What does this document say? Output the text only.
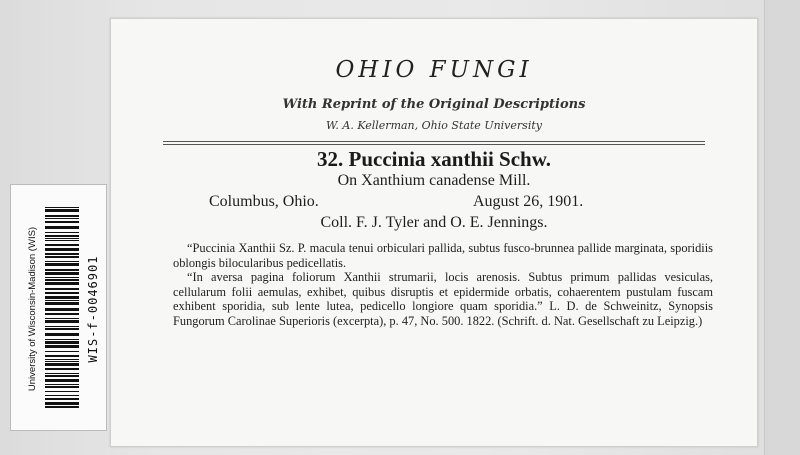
University of Wisconsin-Madison (WIS)	WIS-f-0046901
OHIO FUNGI
With Reprint of the Original Descriptions
W. A. Kellerman, Ohio State University
32. Puccinia xanthii Schw.
On Xanthium canadense Mill.
Columbus, Ohio.	August 26, 1901.
Coll. F. J. Tyler and O. E. Jennings.

“Puccinia Xanthii Sz. P. macula tenui orbiculari pallida, subtus fusco-brunnea pallide marginata, sporidiis oblongis bilocularibus pedicellatis.

“In aversa pagina foliorum Xanthii strumarii, locis arenosis. Subtus primum pallidas vesiculas, cellularum folii aemulas, exhibet, quibus disruptis et epidermide orbatis, cohaerentem pustulam fuscam exhibent sporidia, sub lente lutea, pedicello longiore quam sporidia.” L. D. de Schweinitz, Synopsis Fungorum Carolinae Superioris (excerpta), p. 47, No. 500. 1822. (Schrift. d. Nat. Gesellschaft zu Leipzig.)
